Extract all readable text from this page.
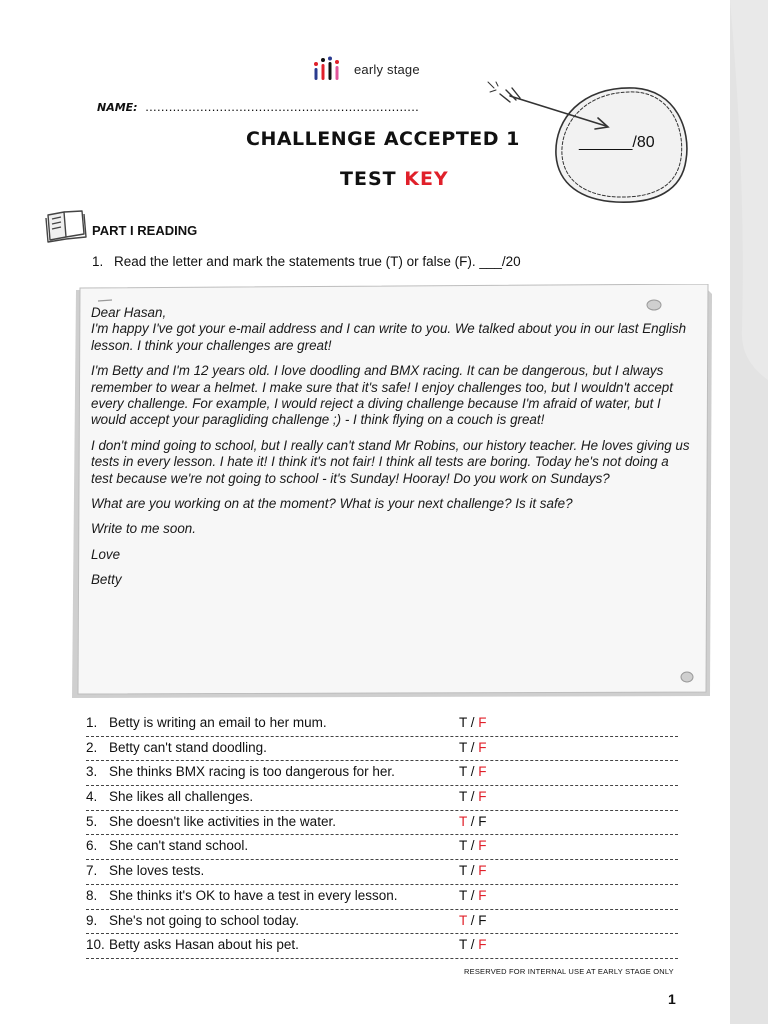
early stage
NAME: ......................................................................
CHALLENGE ACCEPTED 1
TEST KEY
______/80
PART I READING
1. Read the letter and mark the statements true (T) or false (F). ___/20

Dear Hasan,
I'm happy I've got your e-mail address and I can write to you. We talked about you in our last English lesson. I think your challenges are great!

I'm Betty and I'm 12 years old. I love doodling and BMX racing. It can be dangerous, but I always remember to wear a helmet. I make sure that it's safe! I enjoy challenges too, but I wouldn't accept every challenge. For example, I would reject a diving challenge because I'm afraid of water, but I would accept your paragliding challenge ;) - I think flying on a couch is great!

I don't mind going to school, but I really can't stand Mr Robins, our history teacher. He loves giving us tests in every lesson. I hate it! I think it's not fair! I think all tests are boring. Today he's not doing a test because we're not going to school - it's Sunday! Hooray! Do you work on Sundays?

What are you working on at the moment? What is your next challenge? Is it safe?

Write to me soon.

Love

Betty

1. Betty is writing an email to her mum.	T / F
2. Betty can't stand doodling.	T / F
3. She thinks BMX racing is too dangerous for her.	T / F
4. She likes all challenges.	T / F
5. She doesn't like activities in the water.	T / F
6. She can't stand school.	T / F
7. She loves tests.	T / F
8. She thinks it's OK to have a test in every lesson.	T / F
9. She's not going to school today.	T / F
10. Betty asks Hasan about his pet.	T / F
RESERVED FOR INTERNAL USE AT EARLY STAGE ONLY
1
